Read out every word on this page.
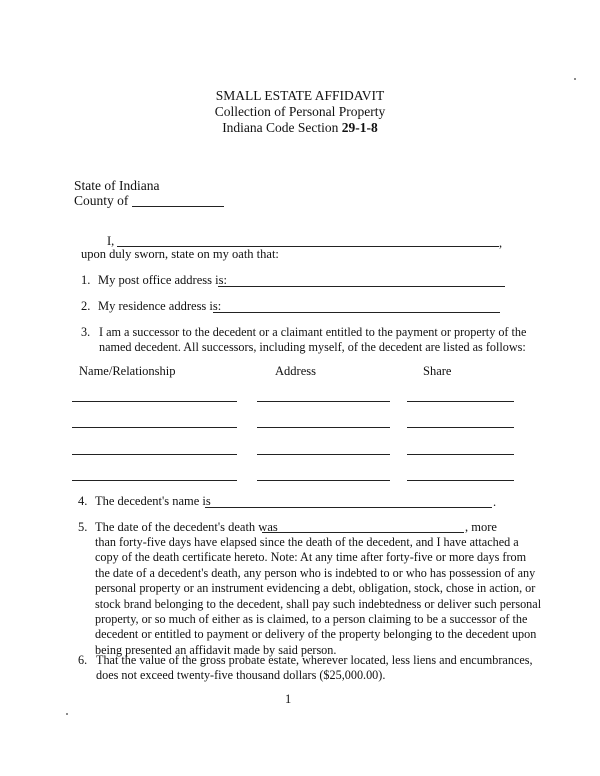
SMALL ESTATE AFFIDAVIT
Collection of Personal Property
Indiana Code Section 29-1-8
State of Indiana
County of
I,	,
upon duly sworn, state on my oath that:
1. My post office address is:
2. My residence address is:
3. I am a successor to the decedent or a claimant entitled to the payment or property of the
named decedent. All successors, including myself, of the decedent are listed as follows:
Name/Relationship	Address	Share
4. The decedent's name is	.
5. The date of the decedent's death was	, more
than forty-five days have elapsed since the death of the decedent, and I have attached a
copy of the death certificate hereto. Note: At any time after forty-five or more days from
the date of a decedent's death, any person who is indebted to or who has possession of any
personal property or an instrument evidencing a debt, obligation, stock, chose in action, or
stock brand belonging to the decedent, shall pay such indebtedness or deliver such personal
property, or so much of either as is claimed, to a person claiming to be a successor of the
decedent or entitled to payment or delivery of the property belonging to the decedent upon
being presented an affidavit made by said person.
6. That the value of the gross probate estate, wherever located, less liens and encumbrances,
does not exceed twenty-five thousand dollars ($25,000.00).
1
